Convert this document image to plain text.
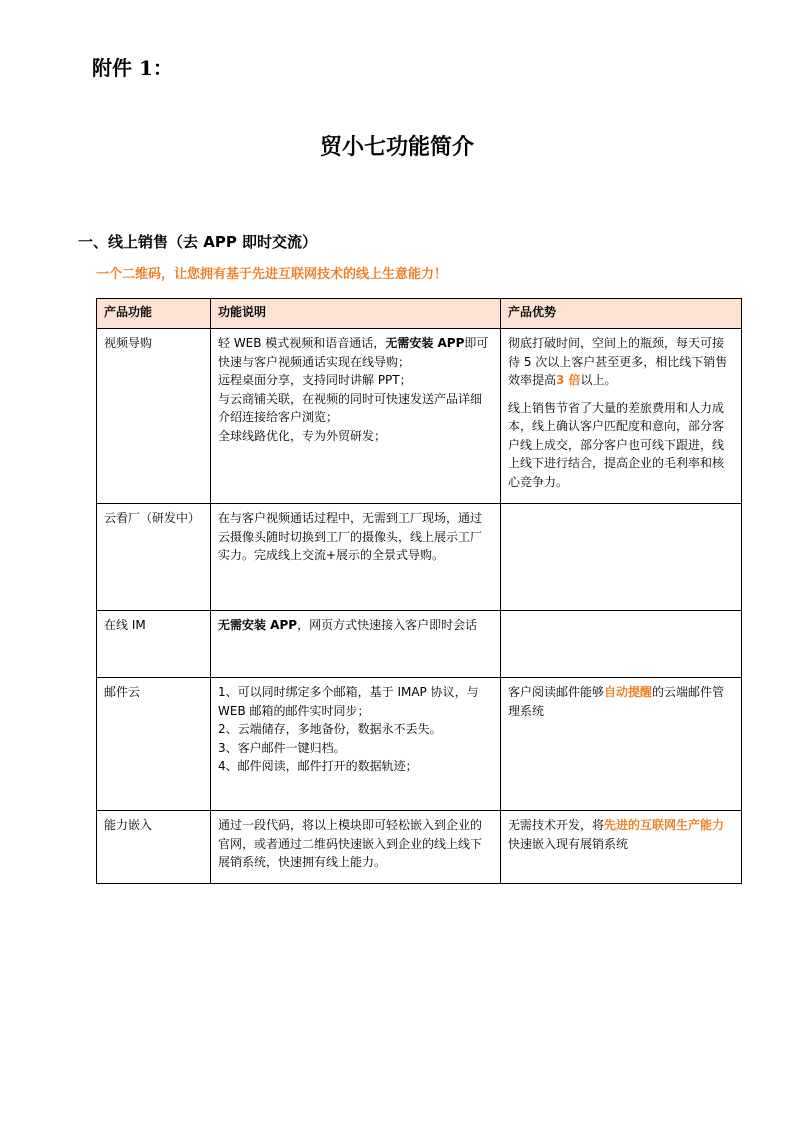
附件 1：
贸小七功能简介
一、线上销售（去 APP 即时交流）
一个二维码，让您拥有基于先进互联网技术的线上生意能力！
产品功能	功能说明	产品优势
视频导购	轻 WEB 模式视频和语音通话，无需安装 APP即可快速与客户视频通话实现在线导购；
远程桌面分享，支持同时讲解 PPT；
与云商铺关联，在视频的同时可快速发送产品详细介绍连接给客户浏览；
全球线路优化，专为外贸研发；	彻底打破时间，空间上的瓶颈，每天可接待 5 次以上客户甚至更多，相比线下销售效率提高3 倍以上。
线上销售节省了大量的差旅费用和人力成本，线上确认客户匹配度和意向，部分客户线上成交，部分客户也可线下跟进，线上线下进行结合，提高企业的毛利率和核心竞争力。

云看厂（研发中）	在与客户视频通话过程中，无需到工厂现场，通过云摄像头随时切换到工厂的摄像头，线上展示工厂实力。完成线上交流+展示的全景式导购。	
在线 IM	无需安装 APP，网页方式快速接入客户即时会话	
邮件云	1、可以同时绑定多个邮箱，基于 IMAP 协议，与 WEB 邮箱的邮件实时同步；
2、云端储存，多地备份，数据永不丢失。
3、客户邮件一键归档。
4、邮件阅读，邮件打开的数据轨迹；	客户阅读邮件能够自动提醒的云端邮件管理系统
能力嵌入	通过一段代码，将以上模块即可轻松嵌入到企业的官网，或者通过二维码快速嵌入到企业的线上线下展销系统，快速拥有线上能力。	无需技术开发，将先进的互联网生产能力快速嵌入现有展销系统
